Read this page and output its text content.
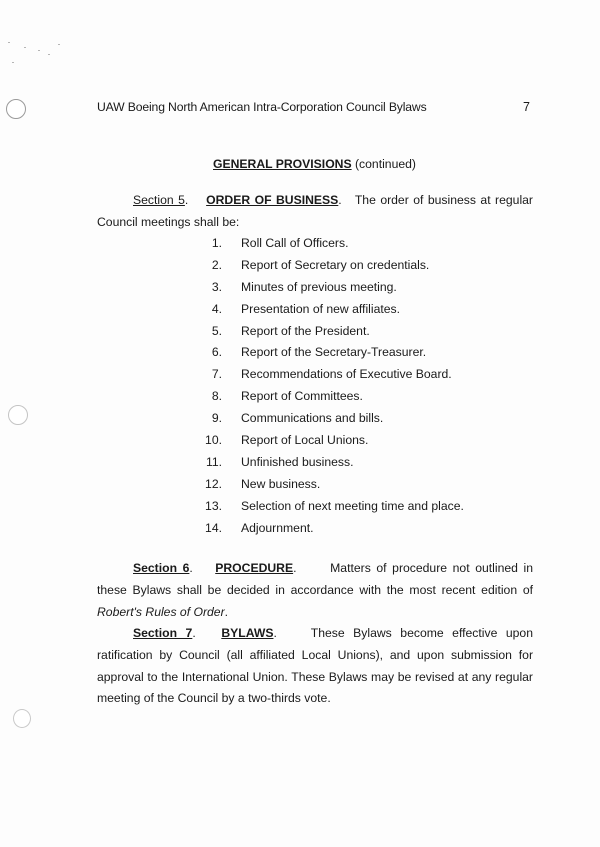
UAW Boeing North American Intra-Corporation Council Bylaws	7
GENERAL PROVISIONS (continued)
Section 5.    ORDER OF BUSINESS.   The order of business at regular
Council meetings shall be:
1. Roll Call of Officers.
2. Report of Secretary on credentials.
3. Minutes of previous meeting.
4. Presentation of new affiliates.
5. Report of the President.
6. Report of the Secretary-Treasurer.
7. Recommendations of Executive Board.
8. Report of Committees.
9. Communications and bills.
10. Report of Local Unions.
11. Unfinished business.
12. New business.
13. Selection of next meeting time and place.
14. Adjournment.
Section 6.    PROCEDURE.      Matters of procedure not outlined in
these Bylaws shall be decided in accordance with the most recent edition of
Robert's Rules of Order.
Section 7.   BYLAWS.    These Bylaws become effective upon
ratification by Council (all affiliated Local Unions), and upon submission for
approval to the International Union. These Bylaws may be revised at any regular
meeting of the Council by a two-thirds vote.
